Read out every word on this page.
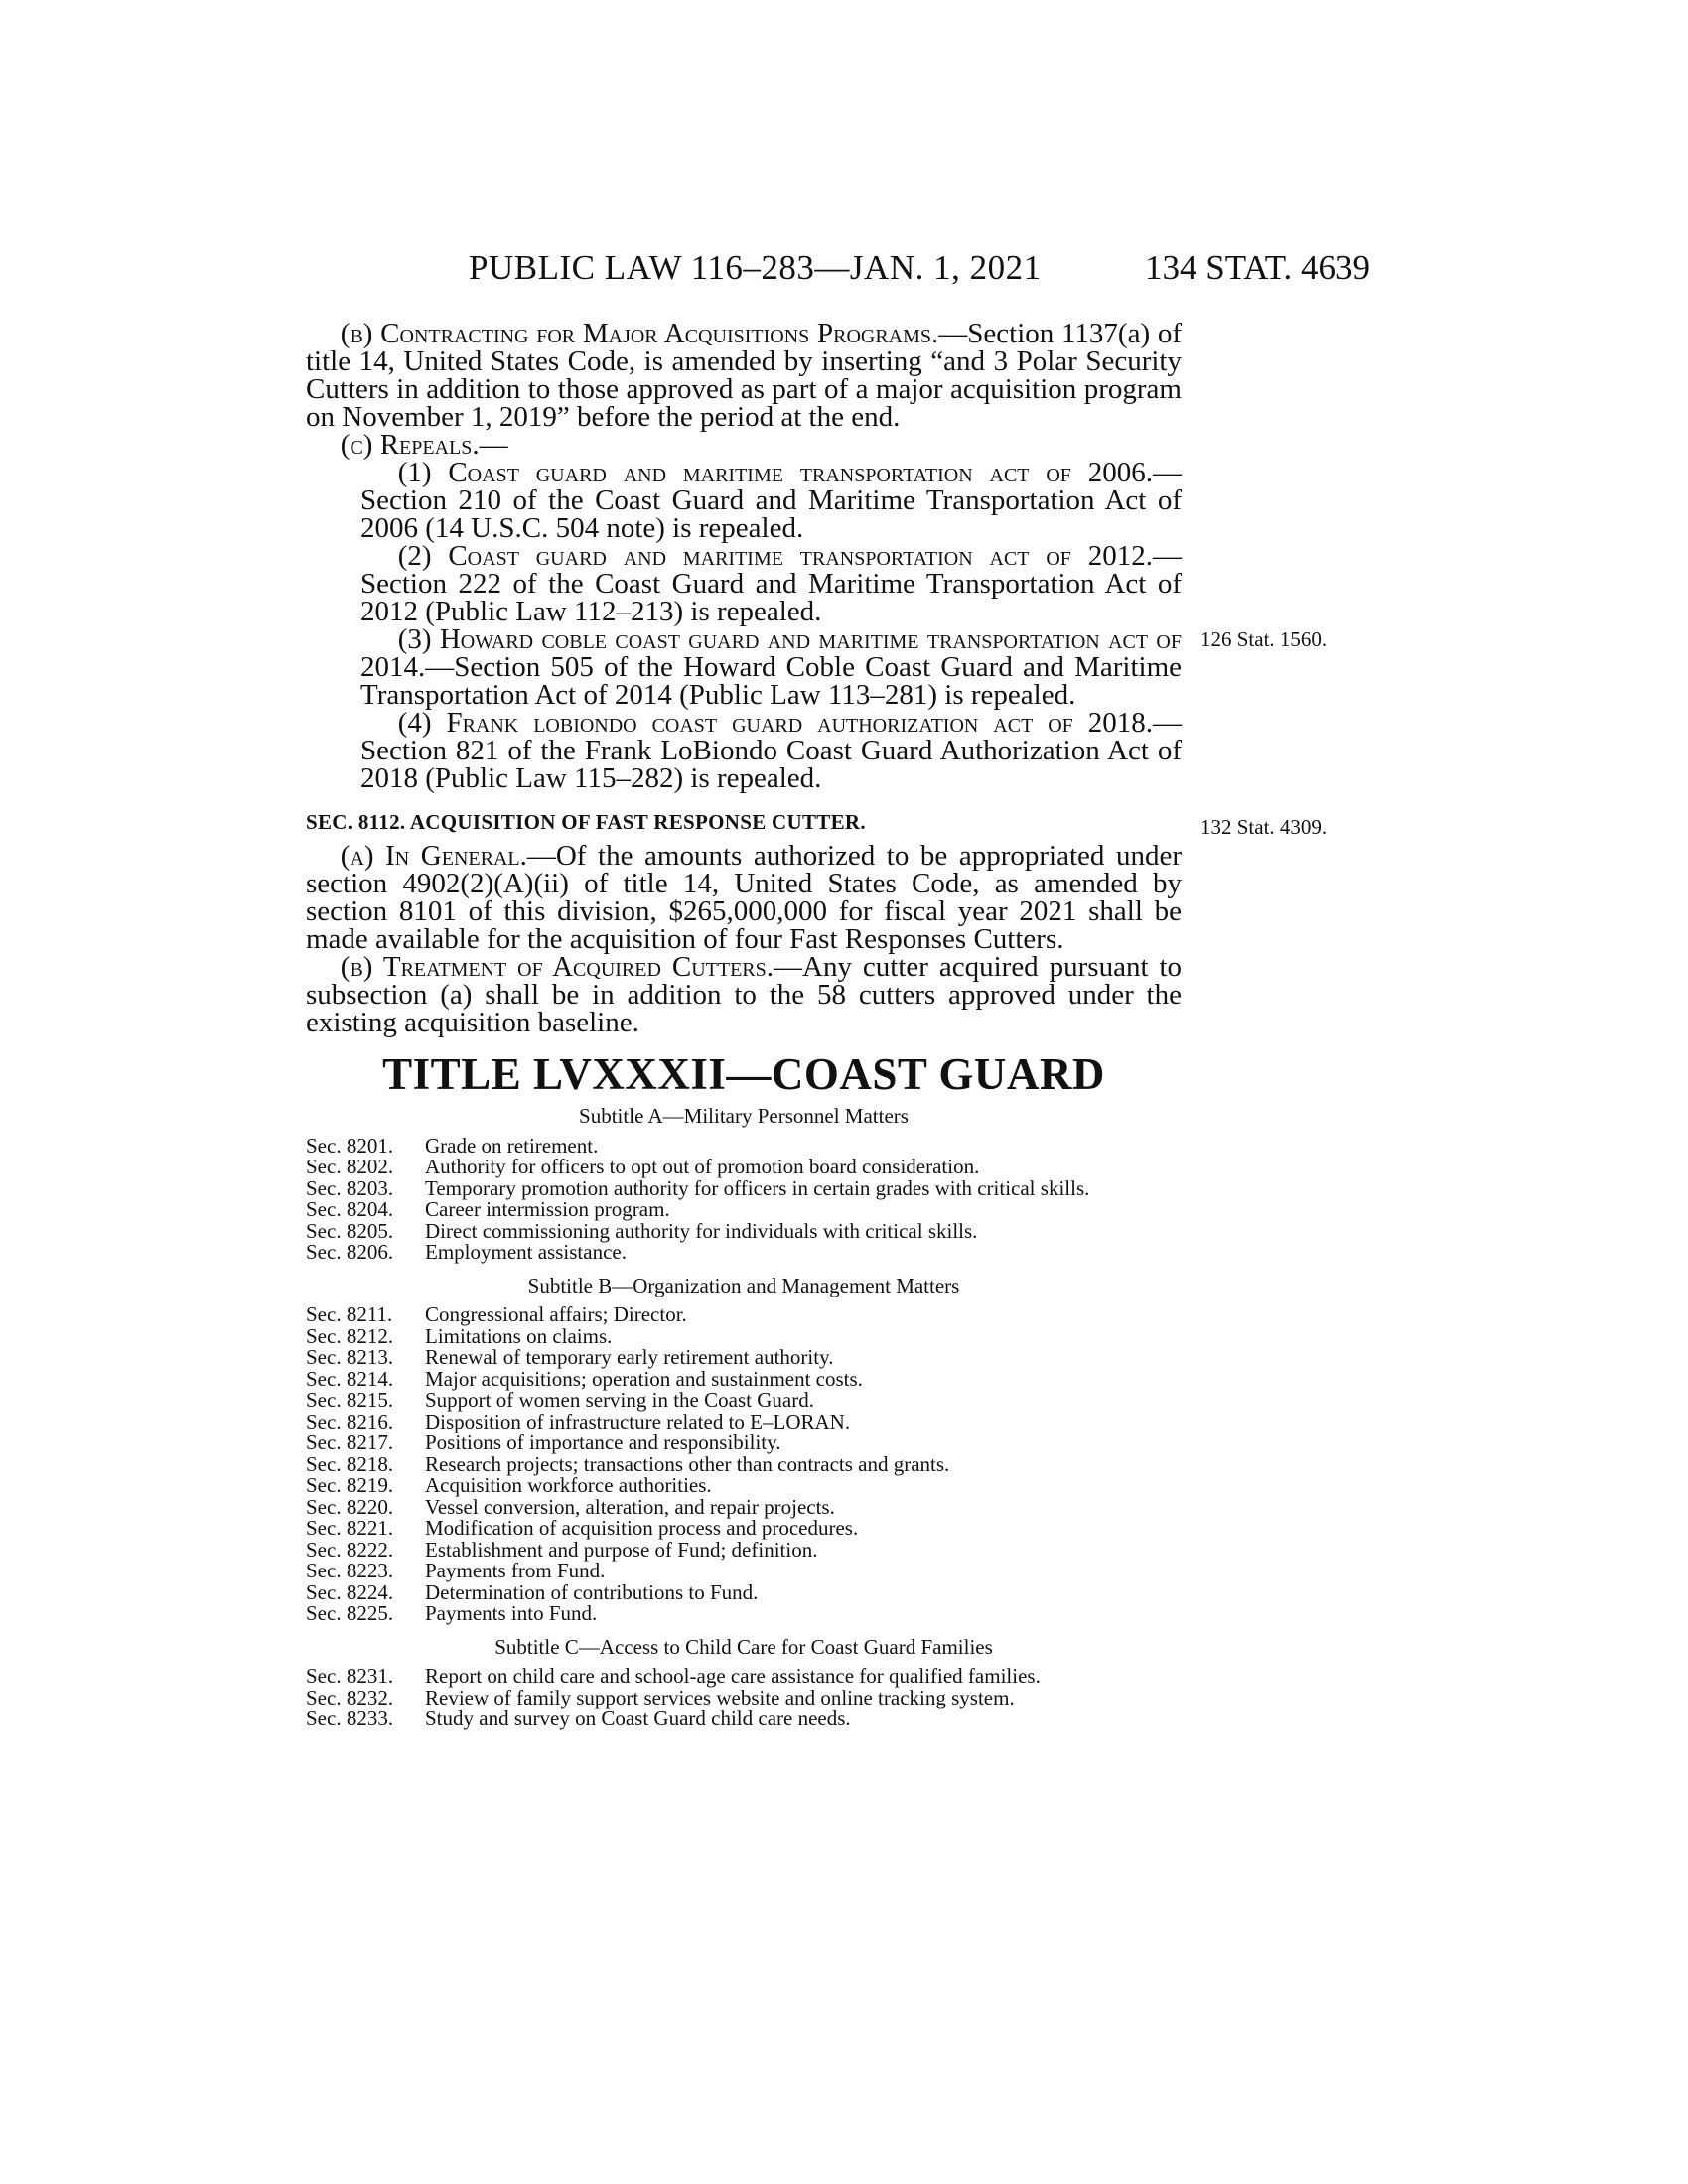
PUBLIC LAW 116–283—JAN. 1, 2021	134 STAT. 4639
126 Stat. 1560.
132 Stat. 4309.

(b) Contracting for Major Acquisitions Programs.—Section 1137(a) of title 14, United States Code, is amended by inserting “and 3 Polar Security Cutters in addition to those approved as part of a major acquisition program on November 1, 2019” before the period at the end.

(c) Repeals.—

(1) Coast guard and maritime transportation act of 2006.—Section 210 of the Coast Guard and Maritime Transportation Act of 2006 (14 U.S.C. 504 note) is repealed.

(2) Coast guard and maritime transportation act of 2012.—Section 222 of the Coast Guard and Maritime Transportation Act of 2012 (Public Law 112–213) is repealed.

(3) Howard coble coast guard and maritime transportation act of 2014.—Section 505 of the Howard Coble Coast Guard and Maritime Transportation Act of 2014 (Public Law 113–281) is repealed.

(4) Frank lobiondo coast guard authorization act of 2018.—Section 821 of the Frank LoBiondo Coast Guard Authorization Act of 2018 (Public Law 115–282) is repealed.

SEC. 8112. ACQUISITION OF FAST RESPONSE CUTTER.

(a) In General.—Of the amounts authorized to be appropriated under section 4902(2)(A)(ii) of title 14, United States Code, as amended by section 8101 of this division, $265,000,000 for fiscal year 2021 shall be made available for the acquisition of four Fast Responses Cutters.

(b) Treatment of Acquired Cutters.—Any cutter acquired pursuant to subsection (a) shall be in addition to the 58 cutters approved under the existing acquisition baseline.

TITLE LVXXXII—COAST GUARD
Subtitle A—Military Personnel Matters
Sec. 8201.	Grade on retirement.
Sec. 8202.	Authority for officers to opt out of promotion board consideration.
Sec. 8203.	Temporary promotion authority for officers in certain grades with critical skills.
Sec. 8204.	Career intermission program.
Sec. 8205.	Direct commissioning authority for individuals with critical skills.
Sec. 8206.	Employment assistance.
Subtitle B—Organization and Management Matters
Sec. 8211.	Congressional affairs; Director.
Sec. 8212.	Limitations on claims.
Sec. 8213.	Renewal of temporary early retirement authority.
Sec. 8214.	Major acquisitions; operation and sustainment costs.
Sec. 8215.	Support of women serving in the Coast Guard.
Sec. 8216.	Disposition of infrastructure related to E–LORAN.
Sec. 8217.	Positions of importance and responsibility.
Sec. 8218.	Research projects; transactions other than contracts and grants.
Sec. 8219.	Acquisition workforce authorities.
Sec. 8220.	Vessel conversion, alteration, and repair projects.
Sec. 8221.	Modification of acquisition process and procedures.
Sec. 8222.	Establishment and purpose of Fund; definition.
Sec. 8223.	Payments from Fund.
Sec. 8224.	Determination of contributions to Fund.
Sec. 8225.	Payments into Fund.
Subtitle C—Access to Child Care for Coast Guard Families
Sec. 8231.	Report on child care and school-age care assistance for qualified families.
Sec. 8232.	Review of family support services website and online tracking system.
Sec. 8233.	Study and survey on Coast Guard child care needs.
